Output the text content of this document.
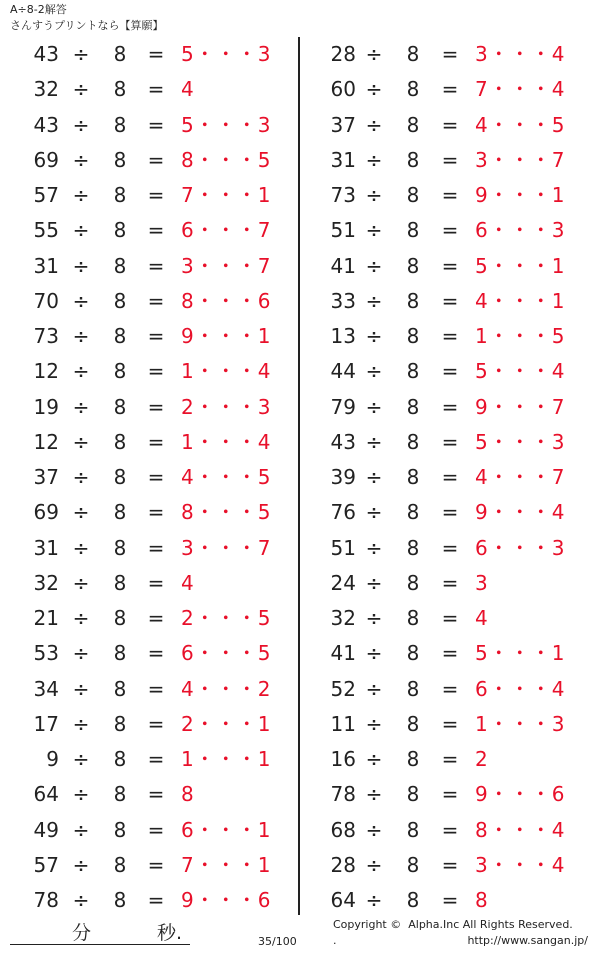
A÷8-2解答
さんすうプリントなら【算願】
43 ÷ 8 = 5・・・3
32 ÷ 8 = 4
43 ÷ 8 = 5・・・3
69 ÷ 8 = 8・・・5
57 ÷ 8 = 7・・・1
55 ÷ 8 = 6・・・7
31 ÷ 8 = 3・・・7
70 ÷ 8 = 8・・・6
73 ÷ 8 = 9・・・1
12 ÷ 8 = 1・・・4
19 ÷ 8 = 2・・・3
12 ÷ 8 = 1・・・4
37 ÷ 8 = 4・・・5
69 ÷ 8 = 8・・・5
31 ÷ 8 = 3・・・7
32 ÷ 8 = 4
21 ÷ 8 = 2・・・5
53 ÷ 8 = 6・・・5
34 ÷ 8 = 4・・・2
17 ÷ 8 = 2・・・1
9 ÷ 8 = 1・・・1
64 ÷ 8 = 8
49 ÷ 8 = 6・・・1
57 ÷ 8 = 7・・・1
78 ÷ 8 = 9・・・6
28 ÷ 8 = 3・・・4
60 ÷ 8 = 7・・・4
37 ÷ 8 = 4・・・5
31 ÷ 8 = 3・・・7
73 ÷ 8 = 9・・・1
51 ÷ 8 = 6・・・3
41 ÷ 8 = 5・・・1
33 ÷ 8 = 4・・・1
13 ÷ 8 = 1・・・5
44 ÷ 8 = 5・・・4
79 ÷ 8 = 9・・・7
43 ÷ 8 = 5・・・3
39 ÷ 8 = 4・・・7
76 ÷ 8 = 9・・・4
51 ÷ 8 = 6・・・3
24 ÷ 8 = 3
32 ÷ 8 = 4
41 ÷ 8 = 5・・・1
52 ÷ 8 = 6・・・4
11 ÷ 8 = 1・・・3
16 ÷ 8 = 2
78 ÷ 8 = 9・・・6
68 ÷ 8 = 8・・・4
28 ÷ 8 = 3・・・4
64 ÷ 8 = 8
分	秒.	35/100
Copyright ©  Alpha.Inc All Rights Reserved.
.	http://www.sangan.jp/
